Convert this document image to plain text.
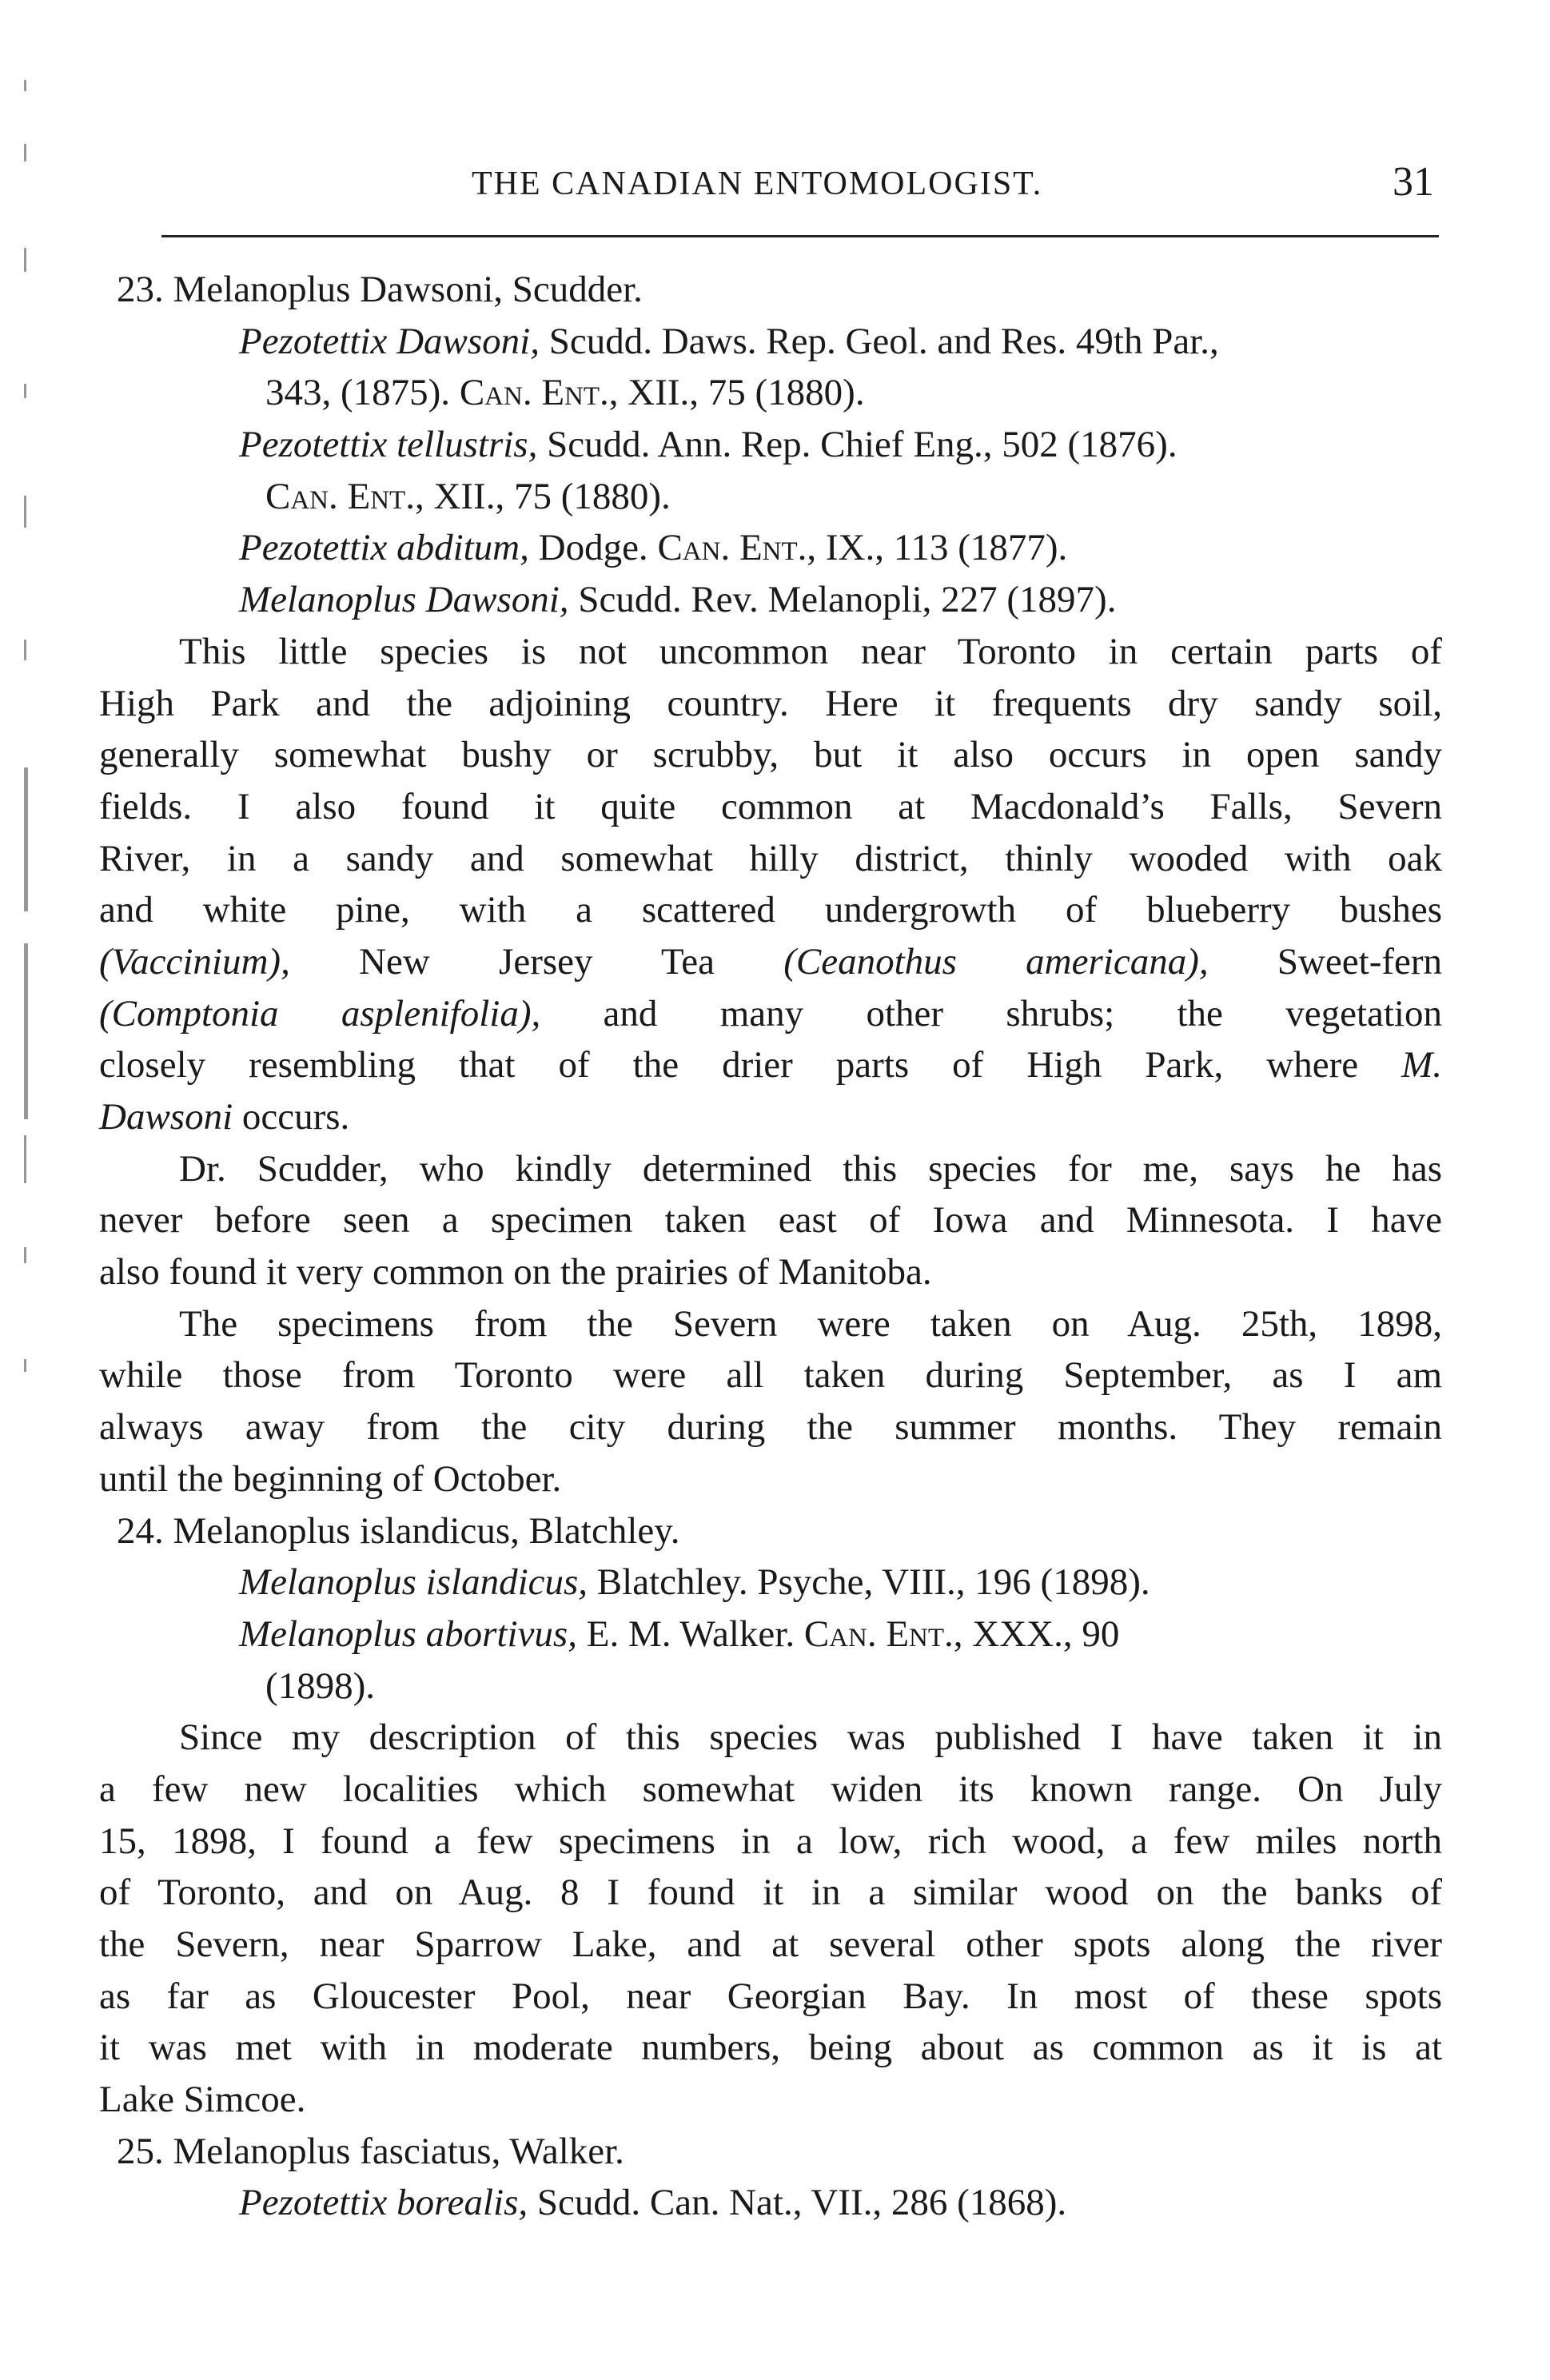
THE CANADIAN ENTOMOLOGIST.	31
23. Melanoplus Dawsoni, Scudder.
Pezotettix Dawsoni, Scudd. Daws. Rep. Geol. and Res. 49th Par.,
343, (1875). Can. Ent., XII., 75 (1880).
Pezotettix tellustris, Scudd. Ann. Rep. Chief Eng., 502 (1876).
Can. Ent., XII., 75 (1880).
Pezotettix abditum, Dodge. Can. Ent., IX., 113 (1877).
Melanoplus Dawsoni, Scudd. Rev. Melanopli, 227 (1897).
This little species is not uncommon near Toronto in certain parts of
High Park and the adjoining country. Here it frequents dry sandy soil,
generally somewhat bushy or scrubby, but it also occurs in open sandy
fields. I also found it quite common at Macdonald’s Falls, Severn
River, in a sandy and somewhat hilly district, thinly wooded with oak
and white pine, with a scattered undergrowth of blueberry bushes
(Vaccinium), New Jersey Tea (Ceanothus americana), Sweet-fern
(Comptonia asplenifolia), and many other shrubs; the vegetation
closely resembling that of the drier parts of High Park, where M.
Dawsoni occurs.
Dr. Scudder, who kindly determined this species for me, says he has
never before seen a specimen taken east of Iowa and Minnesota. I have
also found it very common on the prairies of Manitoba.
The specimens from the Severn were taken on Aug. 25th, 1898,
while those from Toronto were all taken during September, as I am
always away from the city during the summer months. They remain
until the beginning of October.
24. Melanoplus islandicus, Blatchley.
Melanoplus islandicus, Blatchley. Psyche, VIII., 196 (1898).
Melanoplus abortivus, E. M. Walker. Can. Ent., XXX., 90
(1898).
Since my description of this species was published I have taken it in
a few new localities which somewhat widen its known range. On July
15, 1898, I found a few specimens in a low, rich wood, a few miles north
of Toronto, and on Aug. 8 I found it in a similar wood on the banks of
the Severn, near Sparrow Lake, and at several other spots along the river
as far as Gloucester Pool, near Georgian Bay. In most of these spots
it was met with in moderate numbers, being about as common as it is at
Lake Simcoe.
25. Melanoplus fasciatus, Walker.
Pezotettix borealis, Scudd. Can. Nat., VII., 286 (1868).
